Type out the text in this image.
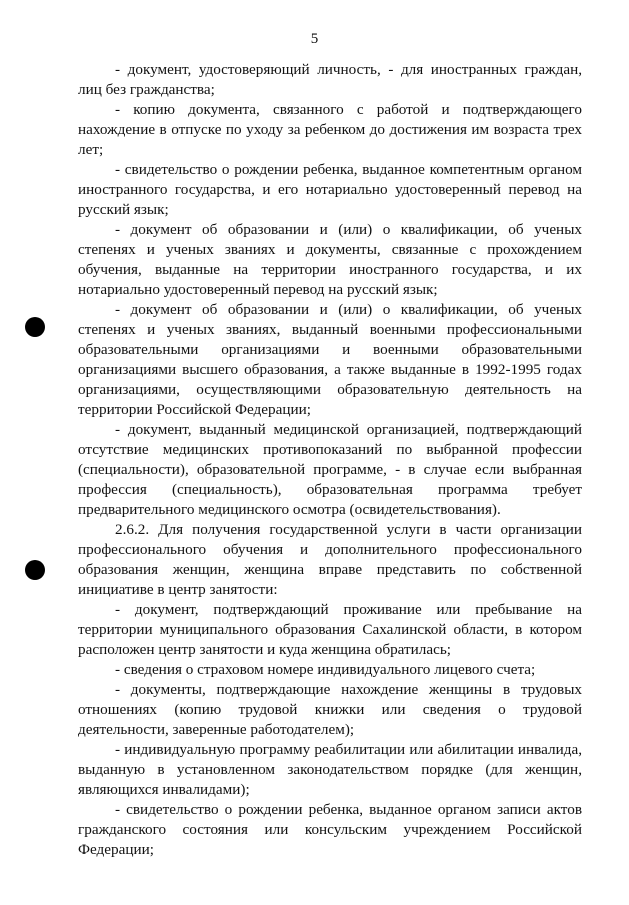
5

- документ, удостоверяющий личность, - для иностранных граждан, лиц без гражданства;

- копию документа, связанного с работой и подтверждающего нахождение в отпуске по уходу за ребенком до достижения им возраста трех лет;

- свидетельство о рождении ребенка, выданное компетентным органом иностранного государства, и его нотариально удостоверенный перевод на русский язык;

- документ об образовании и (или) о квалификации, об ученых степенях и ученых званиях и документы, связанные с прохождением обучения, выданные на территории иностранного государства, и их нотариально удостоверенный перевод на русский язык;

- документ об образовании и (или) о квалификации, об ученых степенях и ученых званиях, выданный военными профессиональными образовательными организациями и военными образовательными организациями высшего образования, а также выданные в 1992-1995 годах организациями, осуществляющими образовательную деятельность на территории Российской Федерации;

- документ, выданный медицинской организацией, подтверждающий отсутствие медицинских противопоказаний по выбранной профессии (специальности), образовательной программе, - в случае если выбранная профессия (специальность), образовательная программа требует предварительного медицинского осмотра (освидетельствования).

2.6.2. Для получения государственной услуги в части организации профессионального обучения и дополнительного профессионального образования женщин, женщина вправе представить по собственной инициативе в центр занятости:

- документ, подтверждающий проживание или пребывание на территории муниципального образования Сахалинской области, в котором расположен центр занятости и куда женщина обратилась;

- сведения о страховом номере индивидуального лицевого счета;

- документы, подтверждающие нахождение женщины в трудовых отношениях (копию трудовой книжки или сведения о трудовой деятельности, заверенные работодателем);

- индивидуальную программу реабилитации или абилитации инвалида, выданную в установленном законодательством порядке (для женщин, являющихся инвалидами);

- свидетельство о рождении ребенка, выданное органом записи актов гражданского состояния или консульским учреждением Российской Федерации;
